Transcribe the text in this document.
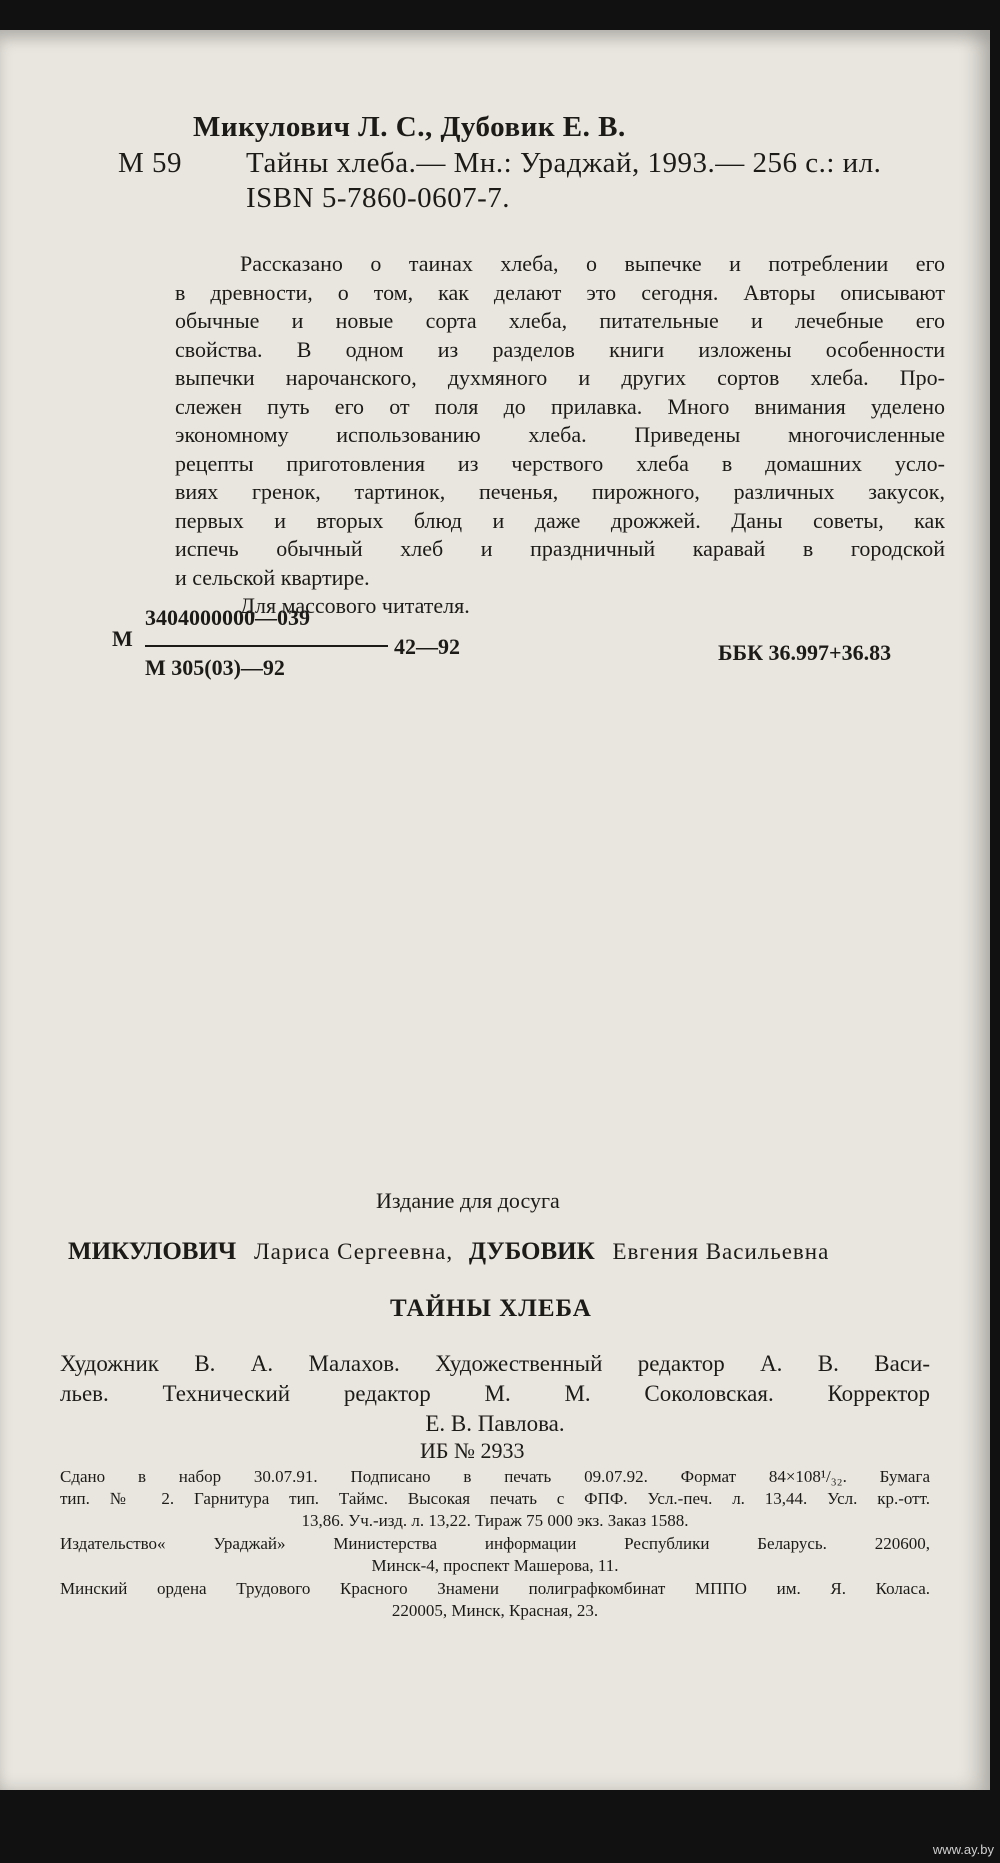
Микулович Л. С., Дубовик Е. В.
М 59 Тайны хлеба.— Мн.: Ураджай, 1993.— 256 с.: ил.
ISBN 5-7860-0607-7.

Рассказано о таинах хлеба, о выпечке и потреблении его

в древности, о том, как делают это сегодня. Авторы описывают

обычные и новые сорта хлеба, питательные и лечебные его

свойства. В одном из разделов книги изложены особенности

выпечки нарочанского, духмяного и других сортов хлеба. Про-

слежен путь его от поля до прилавка. Много внимания уделено

экономному использованию хлеба. Приведены многочисленные

рецепты приготовления из черствого хлеба в домашних усло-

виях гренок, тартинок, печенья, пирожного, различных закусок,

первых и вторых блюд и даже дрожжей. Даны советы, как

испечь обычный хлеб и праздничный каравай в городской

и сельской квартире.

Для массового читателя.

3404000000—039
М	42—92
М 305(03)—92
ББК 36.997+36.83
Издание для досуга
МИКУЛОВИЧ Лариса Сергеевна, ДУБОВИК Евгения Васильевна
ТАЙНЫ ХЛЕБА

Художник В. А. Малахов. Художественный редактор А. В. Васи-

льев. Технический редактор М. М. Соколовская. Корректор

Е. В. Павлова.

ИБ № 2933

Сдано в набор 30.07.91. Подписано в печать 09.07.92. Формат 84×108¹/₃₂. Бумага

тип. № 2. Гарнитура тип. Таймс. Высокая печать с ФПФ. Усл.-печ. л. 13,44. Усл. кр.-отт.

13,86. Уч.-изд. л. 13,22. Тираж 75 000 экз. Заказ 1588.

Издательство« Ураджай» Министерства информации Республики Беларусь. 220600,

Минск-4, проспект Машерова, 11.

Минский ордена Трудового Красного Знамени полиграфкомбинат МППО им. Я. Коласа.

220005, Минск, Красная, 23.

www.ay.by
